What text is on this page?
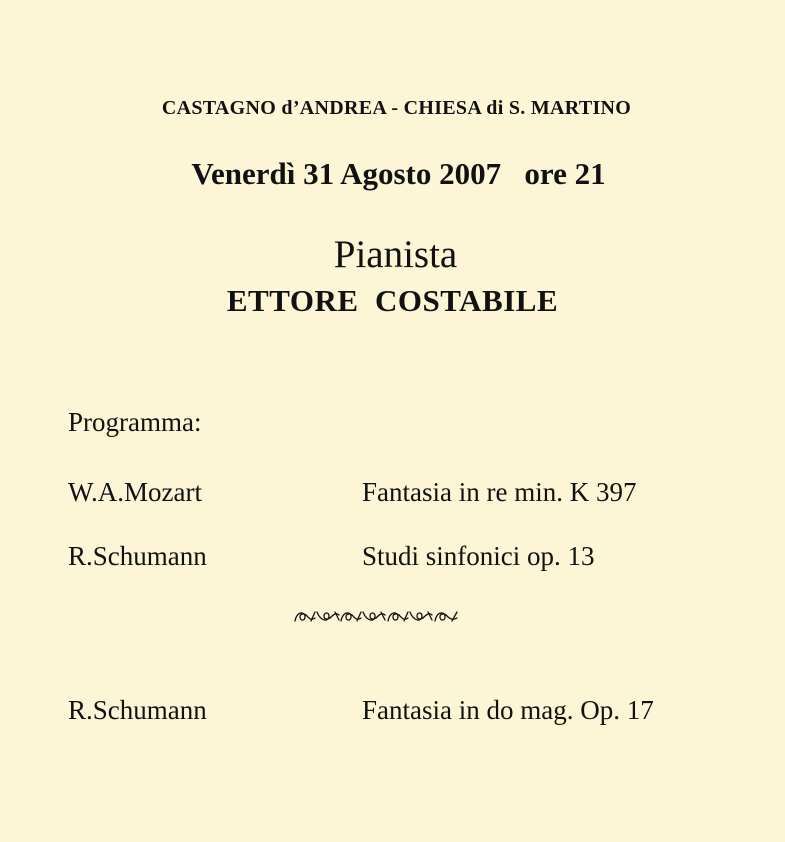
CASTAGNO d’ANDREA - CHIESA di S. MARTINO
Venerdì 31 Agosto 2007   ore 21
Pianista
ETTORE  COSTABILE
Programma:
W.A.Mozart	Fantasia in re min. K 397
R.Schumann	Studi sinfonici op. 13
R.Schumann	Fantasia in do mag. Op. 17
